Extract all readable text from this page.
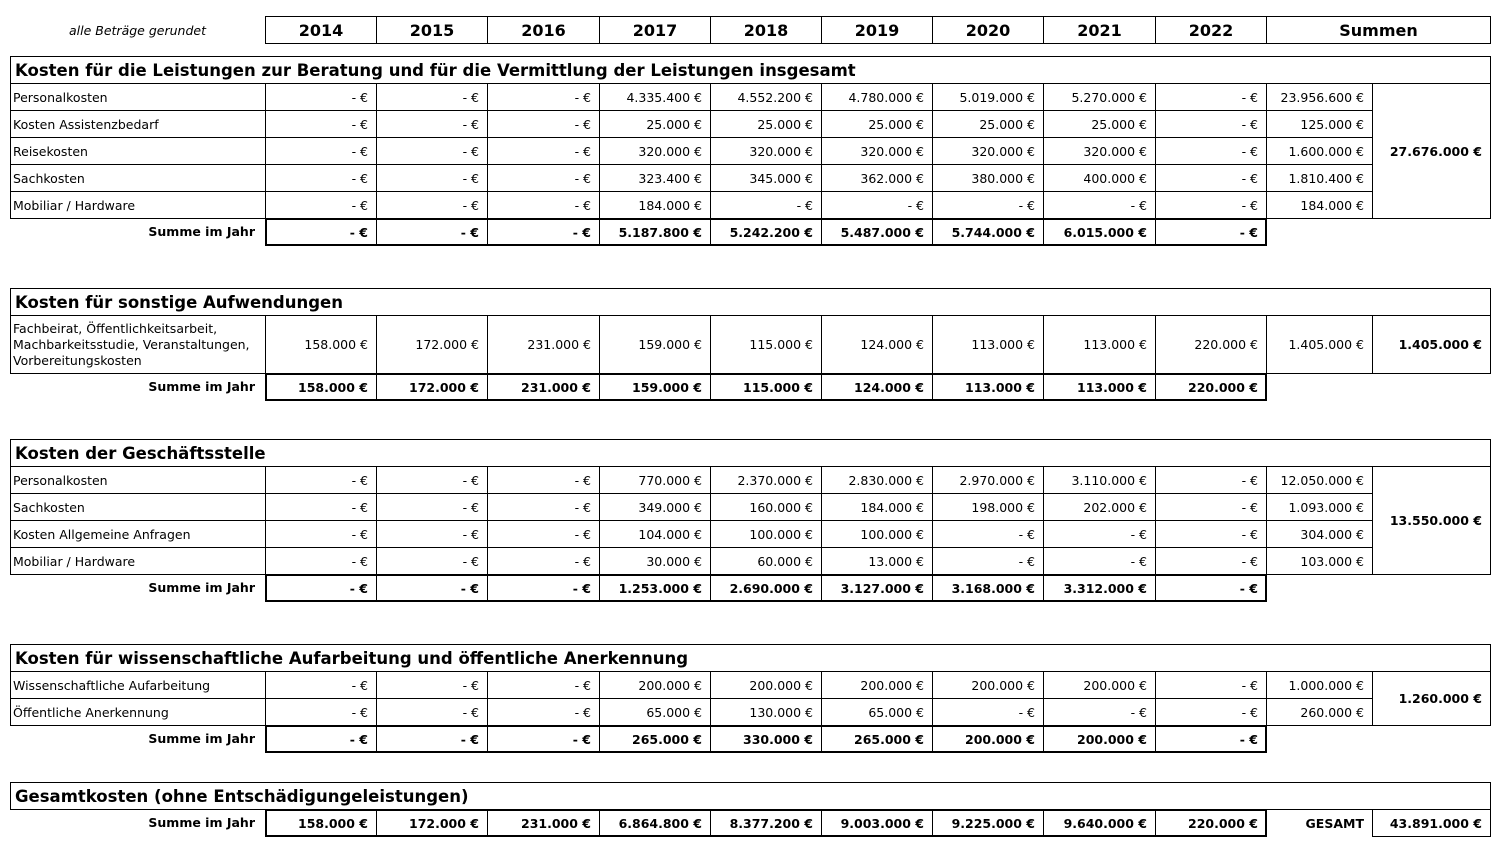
alle Beträge gerundet	2014	2015	2016	2017	2018	2019	2020	2021	2022	Summen
Kosten für die Leistungen zur Beratung und für die Vermittlung der Leistungen insgesamt
Personalkosten	- €	- €	- €	4.335.400 €	4.552.200 €	4.780.000 €	5.019.000 €	5.270.000 €	- €	23.956.600 €
Kosten Assistenzbedarf	- €	- €	- €	25.000 €	25.000 €	25.000 €	25.000 €	25.000 €	- €	125.000 €
Reisekosten	- €	- €	- €	320.000 €	320.000 €	320.000 €	320.000 €	320.000 €	- €	1.600.000 €
Sachkosten	- €	- €	- €	323.400 €	345.000 €	362.000 €	380.000 €	400.000 €	- €	1.810.400 €
Mobiliar / Hardware	- €	- €	- €	184.000 €	- €	- €	- €	- €	- €	184.000 €
27.676.000 €
Summe im Jahr	- €	- €	- €	5.187.800 €	5.242.200 €	5.487.000 €	5.744.000 €	6.015.000 €	- €
Kosten für sonstige Aufwendungen
Fachbeirat, Öffentlichkeitsarbeit, Machbarkeitsstudie, Veranstaltungen, Vorbereitungskosten
158.000 €	172.000 €	231.000 €	159.000 €	115.000 €	124.000 €	113.000 €	113.000 €	220.000 €	1.405.000 €	1.405.000 €
Summe im Jahr	158.000 €	172.000 €	231.000 €	159.000 €	115.000 €	124.000 €	113.000 €	113.000 €	220.000 €
Kosten der Geschäftsstelle
Personalkosten	- €	- €	- €	770.000 €	2.370.000 €	2.830.000 €	2.970.000 €	3.110.000 €	- €	12.050.000 €
Sachkosten	- €	- €	- €	349.000 €	160.000 €	184.000 €	198.000 €	202.000 €	- €	1.093.000 €
Kosten Allgemeine Anfragen	- €	- €	- €	104.000 €	100.000 €	100.000 €	- €	- €	- €	304.000 €
Mobiliar / Hardware	- €	- €	- €	30.000 €	60.000 €	13.000 €	- €	- €	- €	103.000 €
13.550.000 €
Summe im Jahr	- €	- €	- €	1.253.000 €	2.690.000 €	3.127.000 €	3.168.000 €	3.312.000 €	- €
Kosten für wissenschaftliche Aufarbeitung und öffentliche Anerkennung
Wissenschaftliche Aufarbeitung	- €	- €	- €	200.000 €	200.000 €	200.000 €	200.000 €	200.000 €	- €	1.000.000 €
Öffentliche Anerkennung	- €	- €	- €	65.000 €	130.000 €	65.000 €	- €	- €	- €	260.000 €
1.260.000 €
Summe im Jahr	- €	- €	- €	265.000 €	330.000 €	265.000 €	200.000 €	200.000 €	- €
Gesamtkosten (ohne Entschädigungeleistungen)
Summe im Jahr	158.000 €	172.000 €	231.000 €	6.864.800 €	8.377.200 €	9.003.000 €	9.225.000 €	9.640.000 €	220.000 €	GESAMT	43.891.000 €
